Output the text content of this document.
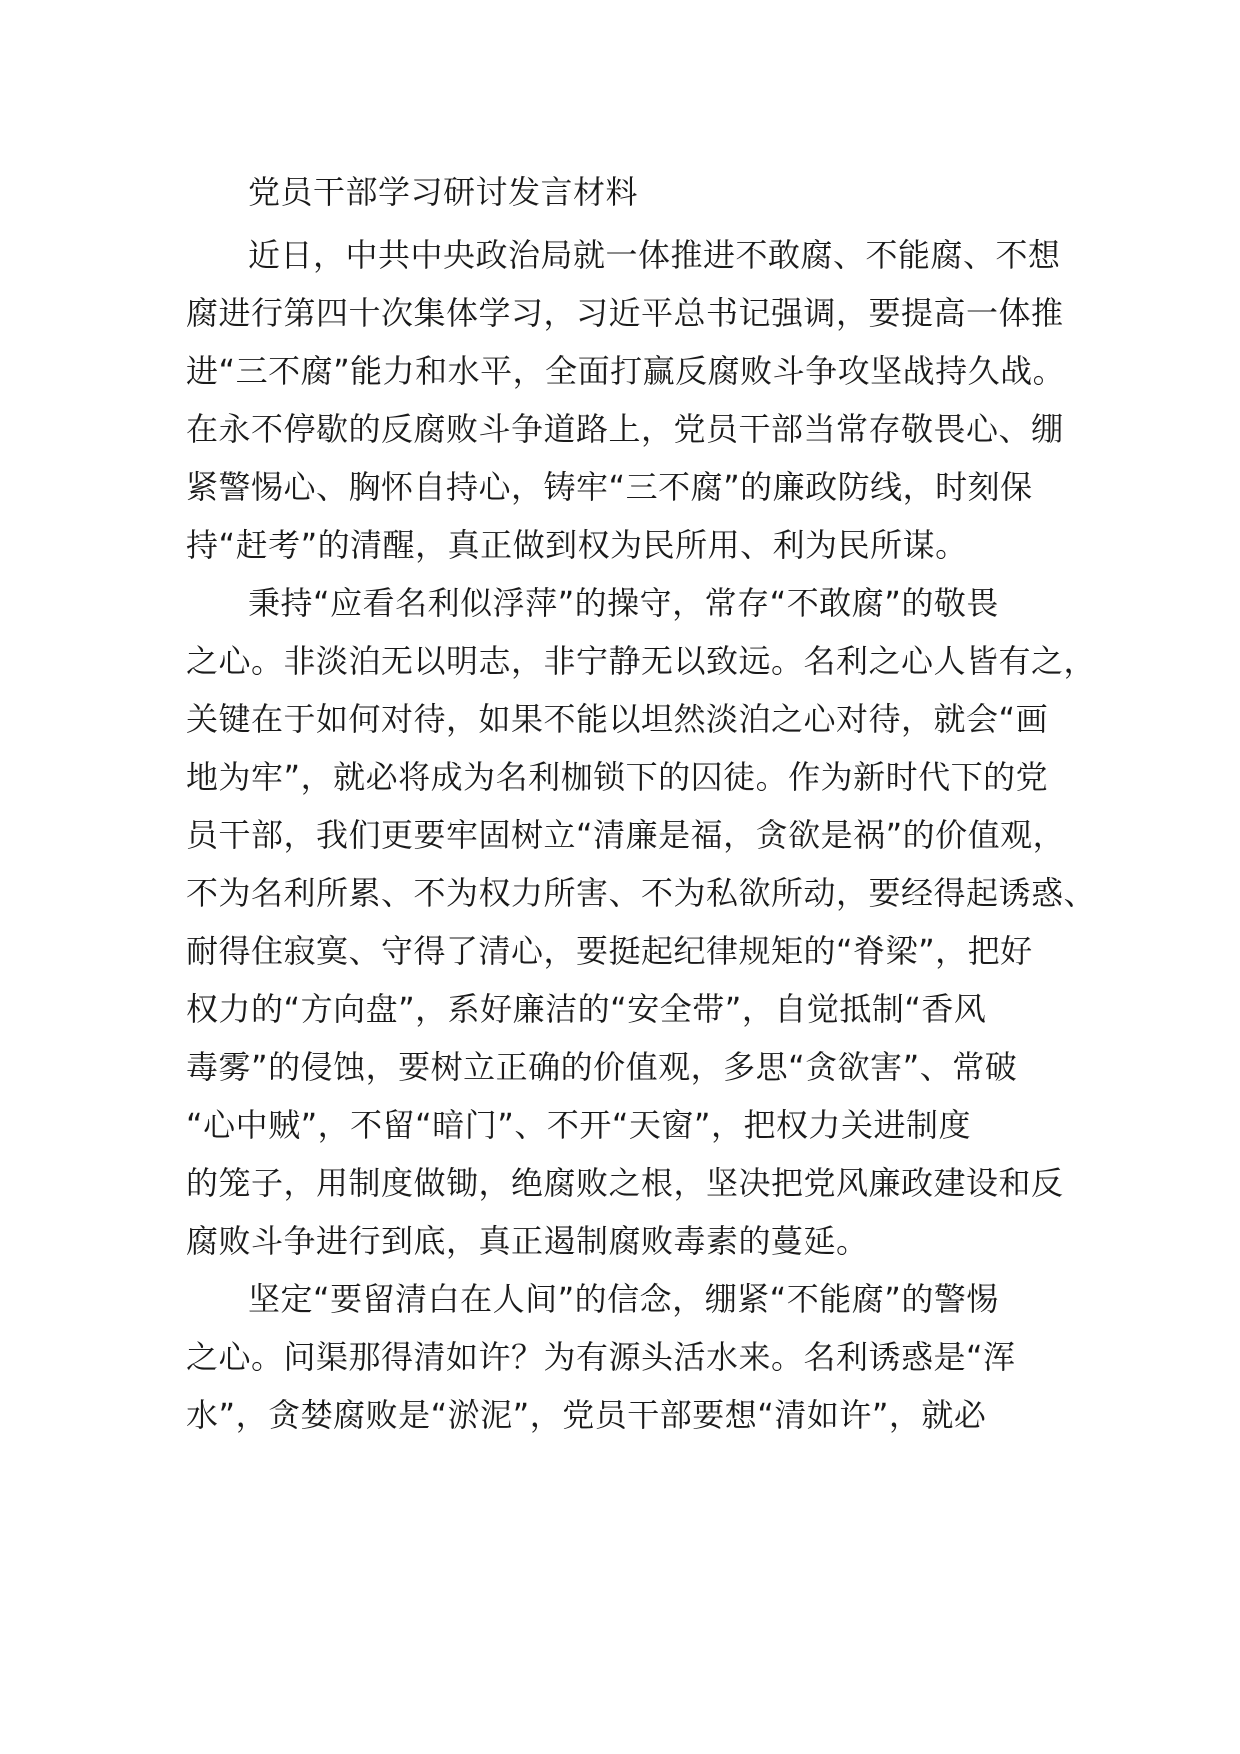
党员干部学习研讨发言材料
近日，中共中央政治局就一体推进不敢腐、不能腐、不想
腐进行第四十次集体学习，习近平总书记强调，要提高一体推
进“三不腐”能力和水平，全面打赢反腐败斗争攻坚战持久战。
在永不停歇的反腐败斗争道路上，党员干部当常存敬畏心、绷
紧警惕心、胸怀自持心，铸牢“三不腐”的廉政防线，时刻保
持“赶考”的清醒，真正做到权为民所用、利为民所谋。
秉持“应看名利似浮萍”的操守，常存“不敢腐”的敬畏
之心。非淡泊无以明志，非宁静无以致远。名利之心人皆有之，
关键在于如何对待，如果不能以坦然淡泊之心对待，就会“画
地为牢”，就必将成为名利枷锁下的囚徒。作为新时代下的党
员干部，我们更要牢固树立“清廉是福，贪欲是祸”的价值观，
不为名利所累、不为权力所害、不为私欲所动，要经得起诱惑、
耐得住寂寞、守得了清心，要挺起纪律规矩的“脊梁”，把好
权力的“方向盘”，系好廉洁的“安全带”，自觉抵制“香风
毒雾”的侵蚀，要树立正确的价值观，多思“贪欲害”、常破
“心中贼”，不留“暗门”、不开“天窗”，把权力关进制度
的笼子，用制度做锄，绝腐败之根，坚决把党风廉政建设和反
腐败斗争进行到底，真正遏制腐败毒素的蔓延。
坚定“要留清白在人间”的信念，绷紧“不能腐”的警惕
之心。问渠那得清如许？为有源头活水来。名利诱惑是“浑
水”，贪婪腐败是“淤泥”，党员干部要想“清如许”，就必
